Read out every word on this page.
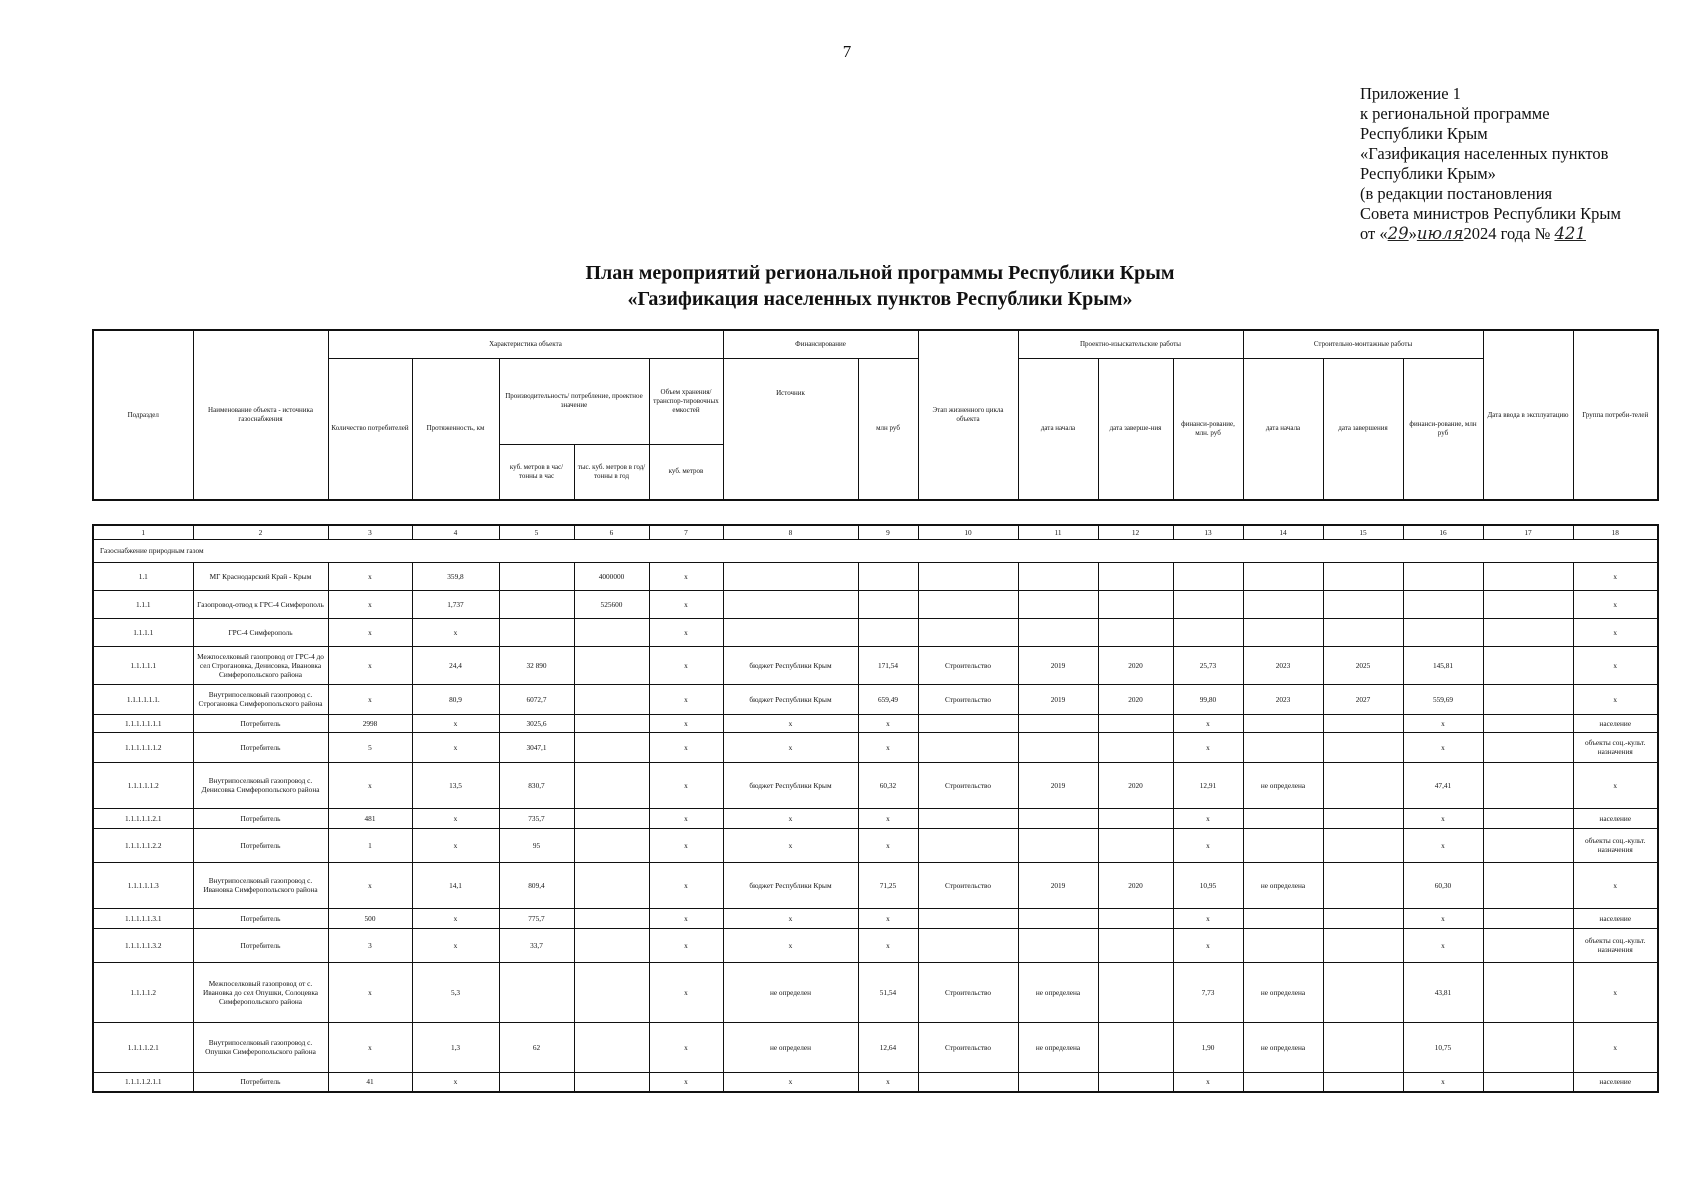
7
Приложение 1
к региональной программе
Республики Крым
«Газификация населенных пунктов
Республики Крым»
(в редакции постановления
Совета министров Республики Крым
от «29»июля2024 года № 421
План мероприятий региональной программы Республики Крым
«Газификация населенных пунктов Республики Крым»
Подраздел	Наименование объекта - источника газоснабжения	Характеристика объекта					Финансирование		Этап жизненного цикла объекта	Проектно-изыскательские работы			Строительно-монтажные работы			Дата ввода в эксплуатацию	Группа потреби-телей
		Количество потребителей	Протяженность, км	Производительность/ потребление, проектное значение		Объем хранения/ транспор-тировочных емкостей	Источник	млн руб		дата начала	дата заверше-ния	финанси-рование, млн. руб	дата начала	дата завершения	финанси-рование, млн руб		
				куб. метров в час/тонны в час	тыс. куб. метров в год/тонны в год	куб. метров											
1	2	3	4	5	6	7	8	9	10	11	12	13	14	15	16	17	18
Газоснабжение природным газом																	
1.1	МГ Краснодарский Край - Крым	x	359,8		4000000	x											x
1.1.1	Газопровод-отвод к ГРС-4 Симферополь	x	1,737		525600	x											x
1.1.1.1	ГРС-4 Симферополь	x	x			x											x
1.1.1.1.1	Межпоселковый газопровод от ГРС-4 до сел Строгановка, Денисовка, Ивановка Симферопольского района	x	24,4	32 890		x	бюджет Республики Крым	171,54	Строительство	2019	2020	25,73	2023	2025	145,81		x
1.1.1.1.1.1.	Внутрипоселковый газопровод с. Строгановка Симферопольского района	x	80,9	6072,7		x	бюджет Республики Крым	659,49	Строительство	2019	2020	99,80	2023	2027	559,69		x
1.1.1.1.1.1.1	Потребитель	2998	x	3025,6		x	x	x				x			x		население
1.1.1.1.1.1.2	Потребитель	5	x	3047,1		x	x	x				x			x		объекты соц.-культ. назначения
1.1.1.1.1.2	Внутрипоселковый газопровод с. Денисовка Симферопольского района	x	13,5	830,7		x	бюджет Республики Крым	60,32	Строительство	2019	2020	12,91	не определена		47,41		x
1.1.1.1.1.2.1	Потребитель	481	x	735,7		x	x	x				x			x		население
1.1.1.1.1.2.2	Потребитель	1	x	95		x	x	x				x			x		объекты соц.-культ. назначения
1.1.1.1.1.3	Внутрипоселковый газопровод с. Ивановка Симферопольского района	x	14,1	809,4		x	бюджет Республики Крым	71,25	Строительство	2019	2020	10,95	не определена		60,30		x
1.1.1.1.1.3.1	Потребитель	500	x	775,7		x	x	x				x			x		население
1.1.1.1.1.3.2	Потребитель	3	x	33,7		x	x	x				x			x		объекты соц.-культ. назначения
1.1.1.1.2	Межпоселковый газопровод от с. Ивановка до сел Опушки, Солоцевка Симферопольского района	x	5,3			x	не определен	51,54	Строительство	не определена		7,73	не определена		43,81		x
1.1.1.1.2.1	Внутрипоселковый газопровод с. Опушки Симферопольского района	x	1,3	62		x	не определен	12,64	Строительство	не определена		1,90	не определена		10,75		x
1.1.1.1.2.1.1	Потребитель	41	x			x	x	x				x			x		население
